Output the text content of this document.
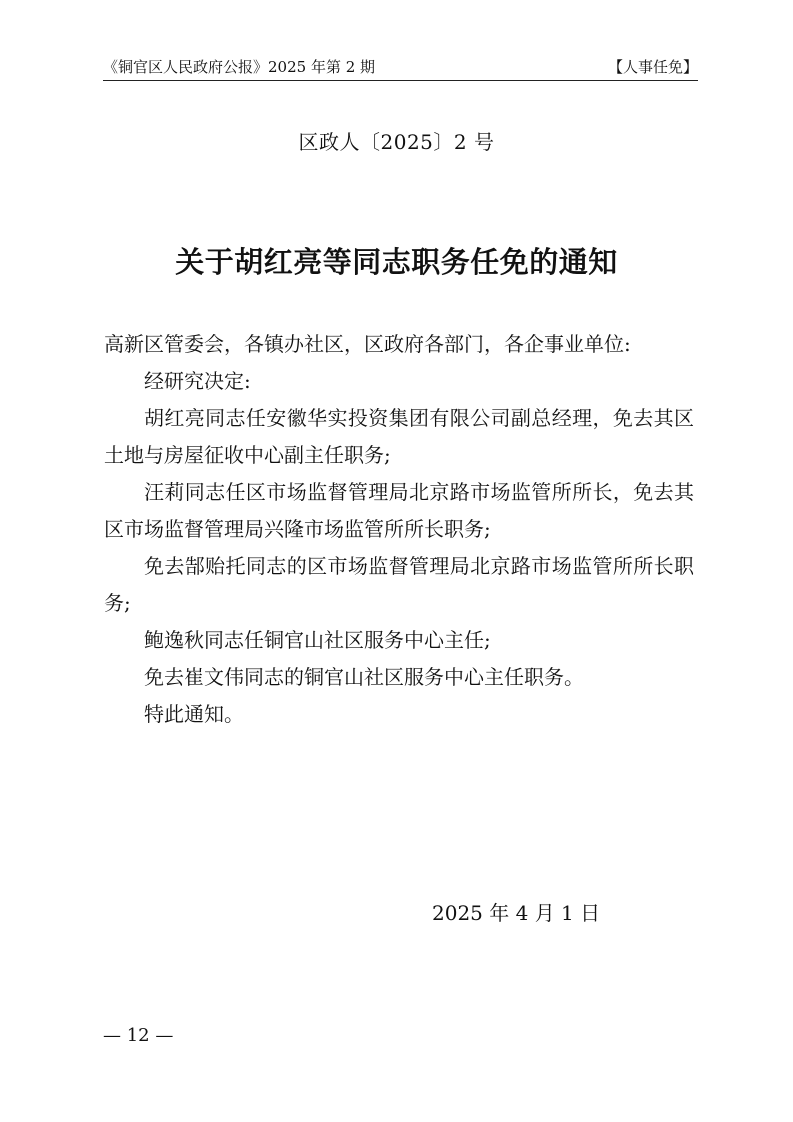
《铜官区人民政府公报》2025 年第 2 期	【人事任免】
区政人〔2025〕2 号
关于胡红亮等同志职务任免的通知

高新区管委会，各镇办社区，区政府各部门，各企事业单位:

经研究决定:

胡红亮同志任安徽华实投资集团有限公司副总经理，免去其区土地与房屋征收中心副主任职务;

汪莉同志任区市场监督管理局北京路市场监管所所长，免去其区市场监督管理局兴隆市场监管所所长职务;

免去郜贻托同志的区市场监督管理局北京路市场监管所所长职务;

鲍逸秋同志任铜官山社区服务中心主任;

免去崔文伟同志的铜官山社区服务中心主任职务。

特此通知。

2025 年 4 月 1 日
— 12 —
